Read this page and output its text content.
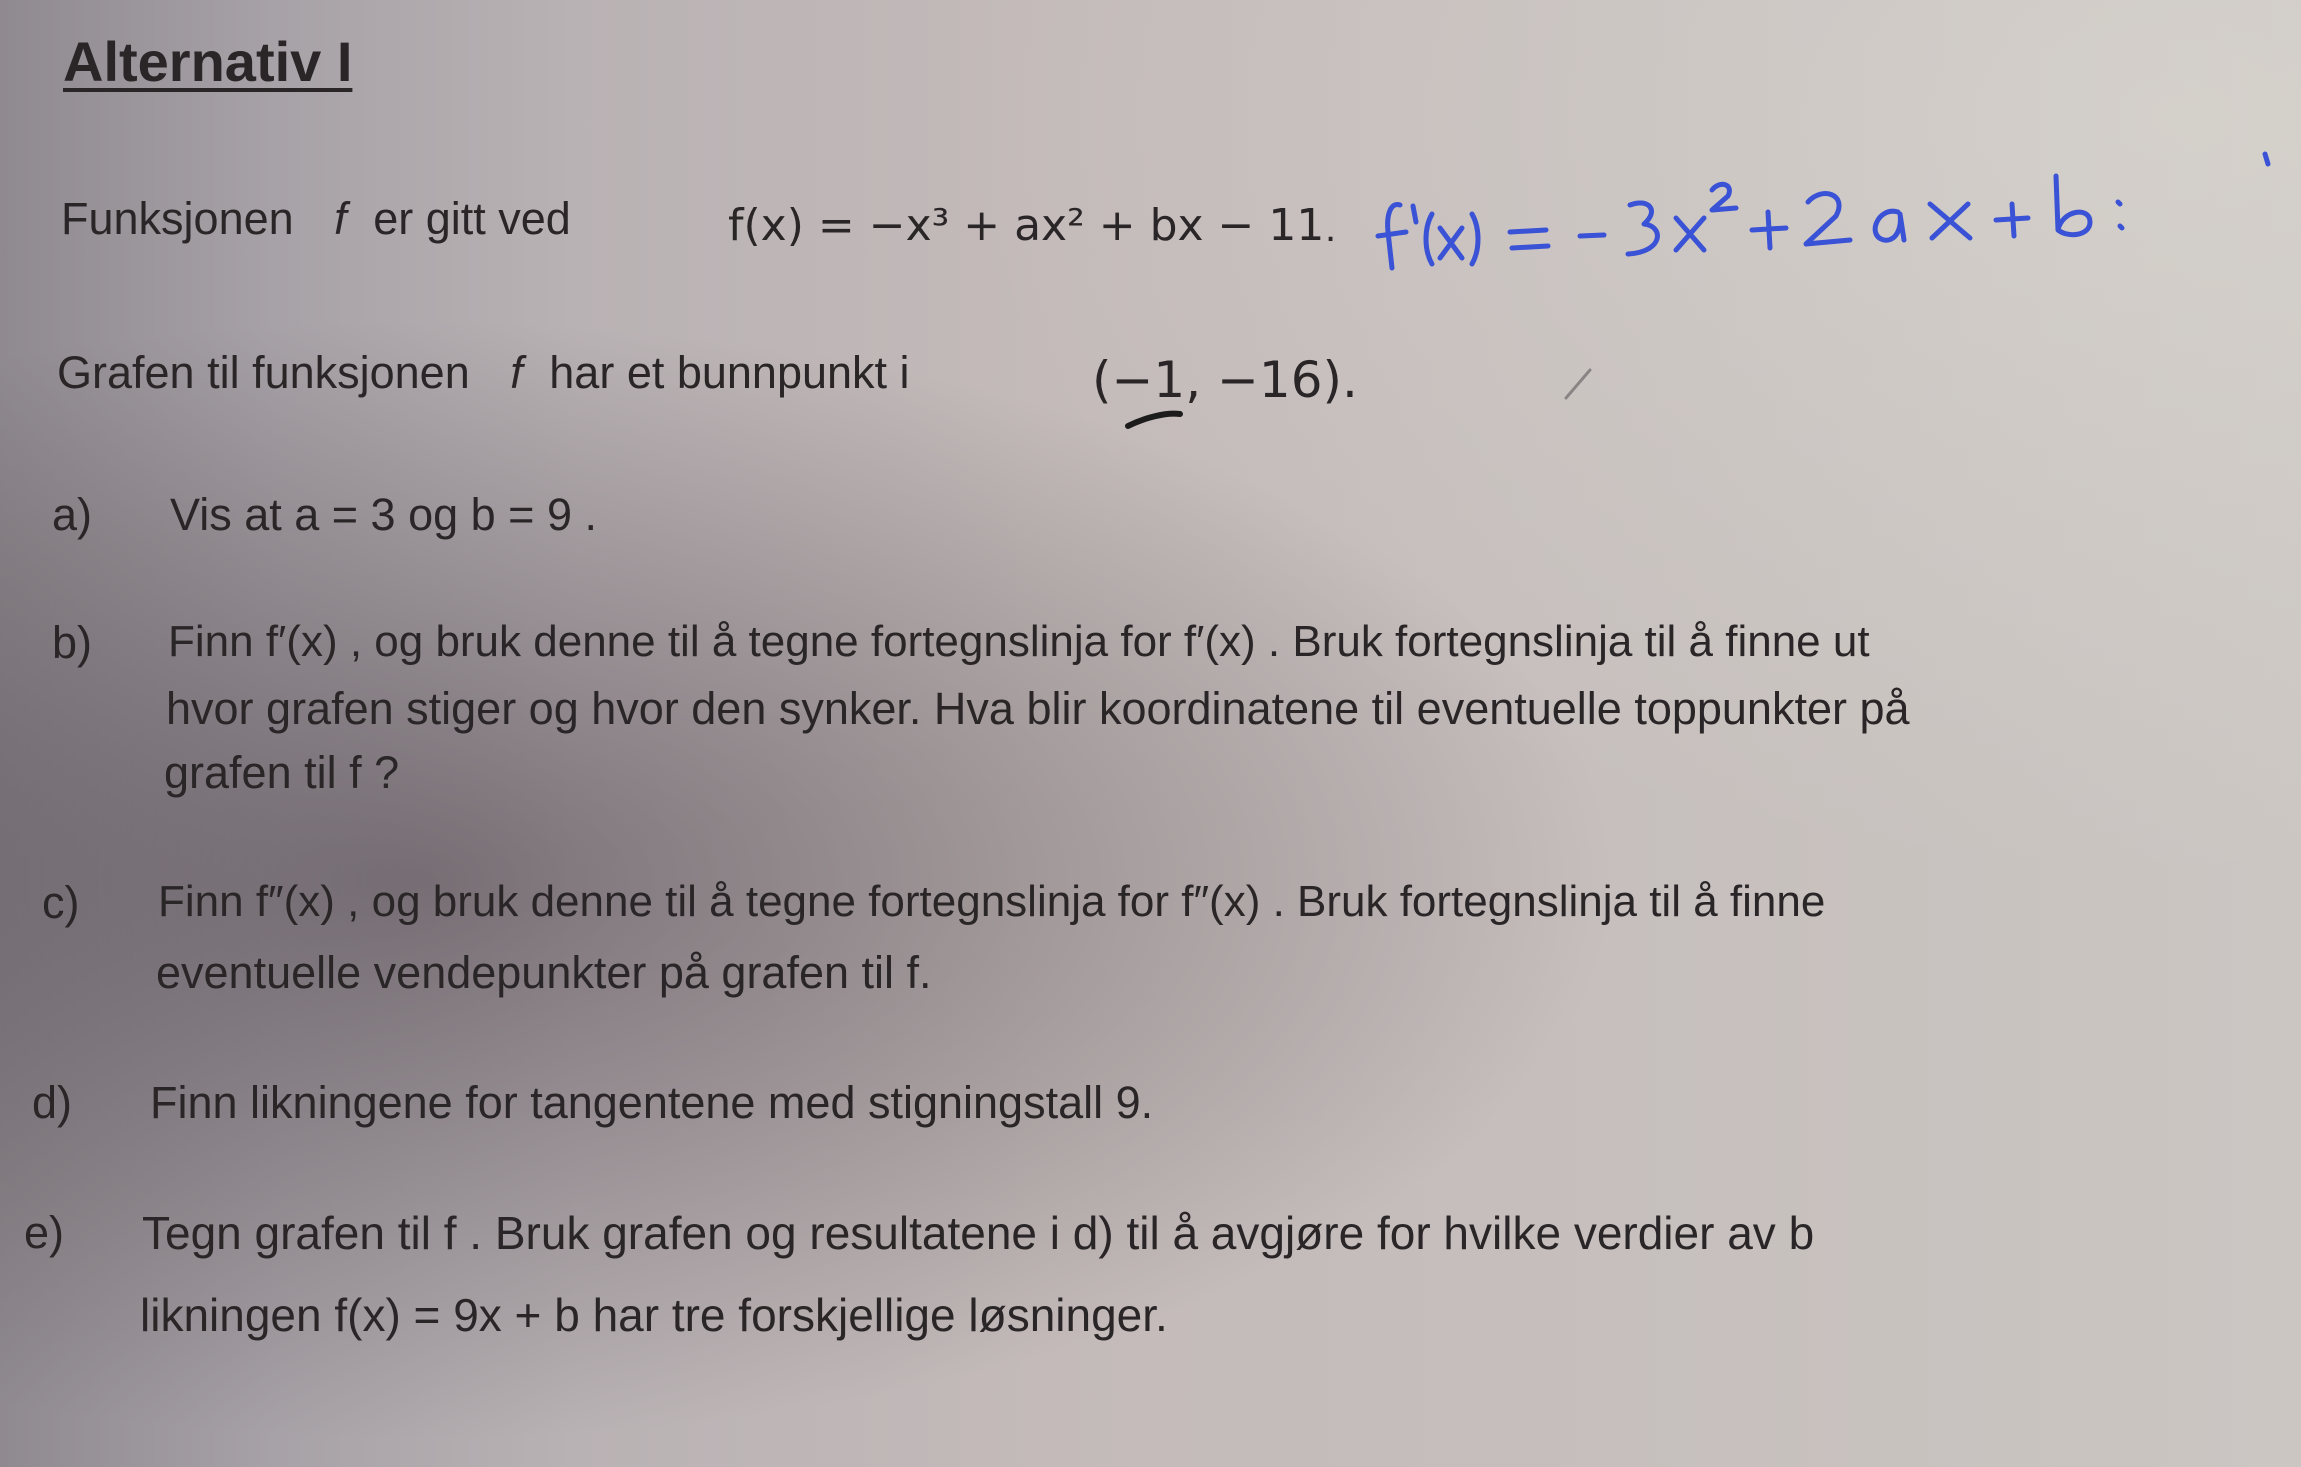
Alternativ I
Funksjonen f er gitt ved	f(x) = −x³ + ax² + bx − 11 .
Grafen til funksjonen f har et bunnpunkt i	(−1, −16).
a) Vis at a = 3 og b = 9 .
b) Finn f′(x) , og bruk denne til å tegne fortegnslinja for f′(x) . Bruk fortegnslinja til å finne ut
hvor grafen stiger og hvor den synker. Hva blir koordinatene til eventuelle toppunkter på
grafen til f ?
c) Finn f″(x) , og bruk denne til å tegne fortegnslinja for f″(x) . Bruk fortegnslinja til å finne
eventuelle vendepunkter på grafen til f.
d) Finn likningene for tangentene med stigningstall 9.
e) Tegn grafen til f . Bruk grafen og resultatene i d) til å avgjøre for hvilke verdier av b
likningen f(x) = 9x + b har tre forskjellige løsninger.
